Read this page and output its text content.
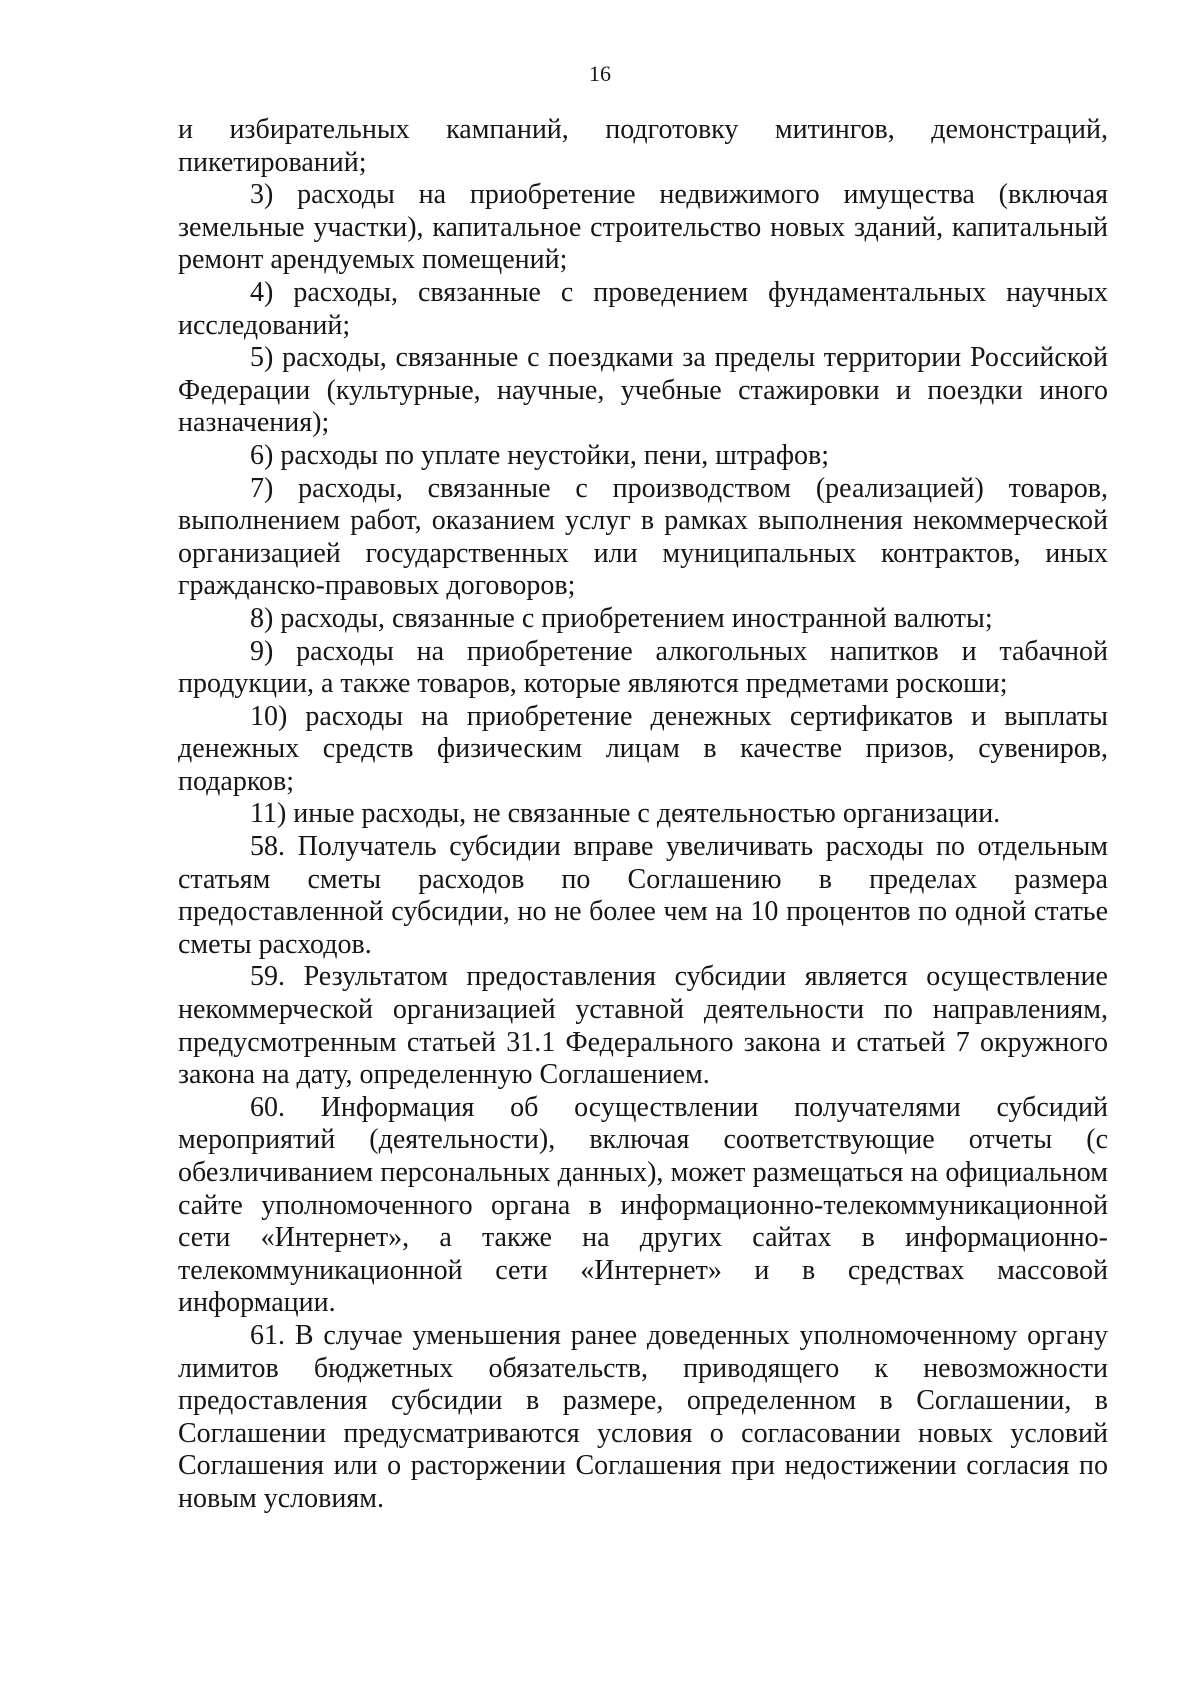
16

и избирательных кампаний, подготовку митингов, демонстраций, пикетирований;

3) расходы на приобретение недвижимого имущества (включая земельные участки), капитальное строительство новых зданий, капитальный ремонт арендуемых помещений;

4) расходы, связанные с проведением фундаментальных научных исследований;

5) расходы, связанные с поездками за пределы территории Российской Федерации (культурные, научные, учебные стажировки и поездки иного назначения);

6) расходы по уплате неустойки, пени, штрафов;

7) расходы, связанные с производством (реализацией) товаров, выполнением работ, оказанием услуг в рамках выполнения некоммерческой организацией государственных или муниципальных контрактов, иных гражданско-правовых договоров;

8) расходы, связанные с приобретением иностранной валюты;

9) расходы на приобретение алкогольных напитков и табачной продукции, а также товаров, которые являются предметами роскоши;

10) расходы на приобретение денежных сертификатов и выплаты денежных средств физическим лицам в качестве призов, сувениров, подарков;

11) иные расходы, не связанные с деятельностью организации.

58. Получатель субсидии вправе увеличивать расходы по отдельным статьям сметы расходов по Соглашению в пределах размера предоставленной субсидии, но не более чем на 10 процентов по одной статье сметы расходов.

59. Результатом предоставления субсидии является осуществление некоммерческой организацией уставной деятельности по направлениям, предусмотренным статьей 31.1 Федерального закона и статьей 7 окружного закона на дату, определенную Соглашением.

60. Информация об осуществлении получателями субсидий мероприятий (деятельности), включая соответствующие отчеты (с обезличиванием персональных данных), может размещаться на официальном сайте уполномоченного органа в информационно-телекоммуникационной сети «Интернет», а также на других сайтах в информационно-телекоммуникационной сети «Интернет» и в средствах массовой информации.

61. В случае уменьшения ранее доведенных уполномоченному органу лимитов бюджетных обязательств, приводящего к невозможности предоставления субсидии в размере, определенном в Соглашении, в Соглашении предусматриваются условия о согласовании новых условий Соглашения или о расторжении Соглашения при недостижении согласия по новым условиям.
